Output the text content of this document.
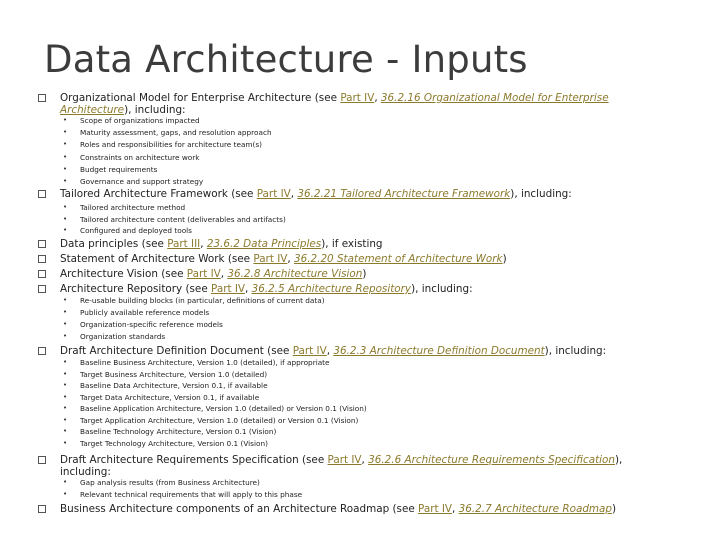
Data Architecture - Inputs
Organizational Model for Enterprise Architecture (see Part IV, 36.2.16 Organizational Model for Enterprise Architecture), including:
• Scope of organizations impacted
• Maturity assessment, gaps, and resolution approach
• Roles and responsibilities for architecture team(s)
• Constraints on architecture work
• Budget requirements
• Governance and support strategy
Tailored Architecture Framework (see Part IV, 36.2.21 Tailored Architecture Framework), including:
• Tailored architecture method
• Tailored architecture content (deliverables and artifacts)
• Configured and deployed tools
Data principles (see Part III, 23.6.2 Data Principles), if existing
Statement of Architecture Work (see Part IV, 36.2.20 Statement of Architecture Work)
Architecture Vision (see Part IV, 36.2.8 Architecture Vision)
Architecture Repository (see Part IV, 36.2.5 Architecture Repository), including:
• Re-usable building blocks (in particular, definitions of current data)
• Publicly available reference models
• Organization-specific reference models
• Organization standards
Draft Architecture Definition Document (see Part IV, 36.2.3 Architecture Definition Document), including:
• Baseline Business Architecture, Version 1.0 (detailed), if appropriate
• Target Business Architecture, Version 1.0 (detailed)
• Baseline Data Architecture, Version 0.1, if available
• Target Data Architecture, Version 0.1, if available
• Baseline Application Architecture, Version 1.0 (detailed) or Version 0.1 (Vision)
• Target Application Architecture, Version 1.0 (detailed) or Version 0.1 (Vision)
• Baseline Technology Architecture, Version 0.1 (Vision)
• Target Technology Architecture, Version 0.1 (Vision)
Draft Architecture Requirements Specification (see Part IV, 36.2.6 Architecture Requirements Specification), including:
• Gap analysis results (from Business Architecture)
• Relevant technical requirements that will apply to this phase
Business Architecture components of an Architecture Roadmap (see Part IV, 36.2.7 Architecture Roadmap)
